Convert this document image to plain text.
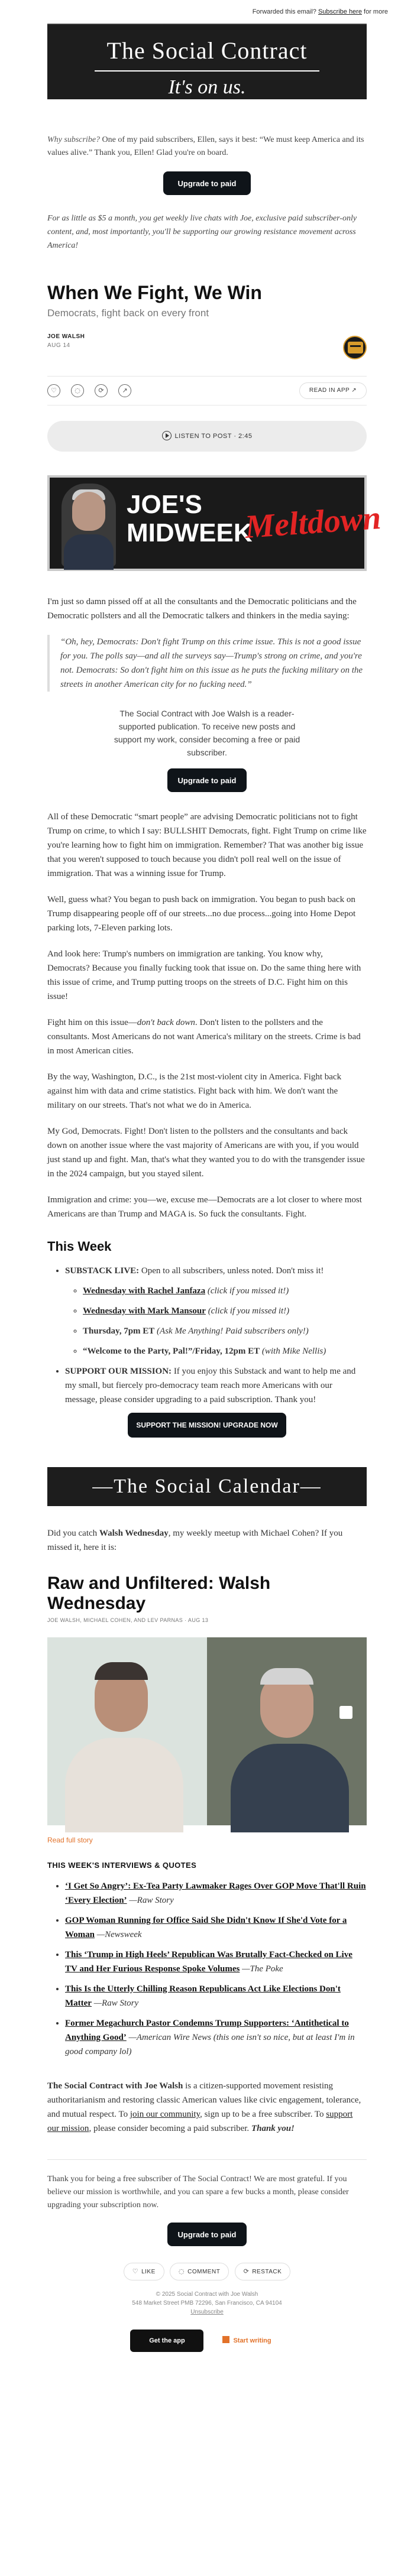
Forwarded this email? Subscribe here for more
The Social Contract
It's on us.
Why subscribe? One of my paid subscribers, Ellen, says it best: “We must keep America and its values alive.” Thank you, Ellen! Glad you're on board.
Upgrade to paid
For as little as $5 a month, you get weekly live chats with Joe, exclusive paid subscriber-only content, and, most importantly, you'll be supporting our growing resistance movement across America!
When We Fight, We Win
Democrats, fight back on every front
JOE WALSH
AUG 14
♡	◌	⟳	↗	READ IN APP ↗
LISTEN TO POST · 2:45
JOE'S
MIDWEEK
Meltdown

I'm just so damn pissed off at all the consultants and the Democratic politicians and the Democratic pollsters and all the Democratic talkers and thinkers in the media saying:

“Oh, hey, Democrats: Don't fight Trump on this crime issue. This is not a good issue for you. The polls say—and all the surveys say—Trump's strong on crime, and you're not. Democrats: So don't fight him on this issue as he puts the fucking military on the streets in another American city for no fucking need.”

The Social Contract with Joe Walsh is a reader-supported publication. To receive new posts and support my work, consider becoming a free or paid subscriber.

Upgrade to paid

All of these Democratic “smart people” are advising Democratic politicians not to fight Trump on crime, to which I say: BULLSHIT Democrats, fight. Fight Trump on crime like you're learning how to fight him on immigration. Remember? That was another big issue that you weren't supposed to touch because you didn't poll real well on the issue of immigration. That was a winning issue for Trump.

Well, guess what? You began to push back on immigration. You began to push back on Trump disappearing people off of our streets...no due process...going into Home Depot parking lots, 7-Eleven parking lots.

And look here: Trump's numbers on immigration are tanking. You know why, Democrats? Because you finally fucking took that issue on. Do the same thing here with this issue of crime, and Trump putting troops on the streets of D.C. Fight him on this issue!

Fight him on this issue—don't back down. Don't listen to the pollsters and the consultants. Most Americans do not want America's military on the streets. Crime is bad in most American cities.

By the way, Washington, D.C., is the 21st most-violent city in America. Fight back against him with data and crime statistics. Fight back with him. We don't want the military on our streets. That's not what we do in America.

My God, Democrats. Fight! Don't listen to the pollsters and the consultants and back down on another issue where the vast majority of Americans are with you, if you would just stand up and fight. Man, that's what they wanted you to do with the transgender issue in the 2024 campaign, but you stayed silent.

Immigration and crime: you—we, excuse me—Democrats are a lot closer to where most Americans are than Trump and MAGA is. So fuck the consultants. Fight.

This Week
• SUBSTACK LIVE: Open to all subscribers, unless noted. Don't miss it!
◦ Wednesday with Rachel Janfaza (click if you missed it!)
◦ Wednesday with Mark Mansour (click if you missed it!)
◦ Thursday, 7pm ET (Ask Me Anything! Paid subscribers only!)
◦ “Welcome to the Party, Pal!”/Friday, 12pm ET (with Mike Nellis)
• SUPPORT OUR MISSION: If you enjoy this Substack and want to help me and my small, but fiercely pro-democracy team reach more Americans with our message, please consider upgrading to a paid subscription. Thank you!
SUPPORT THE MISSION! UPGRADE NOW
—The Social Calendar—
Did you catch Walsh Wednesday, my weekly meetup with Michael Cohen? If you missed it, here it is:
Raw and Unfiltered: Walsh Wednesday
JOE WALSH, MICHAEL COHEN, AND LEV PARNAS · AUG 13
Read full story
THIS WEEK'S INTERVIEWS & QUOTES
• ‘I Get So Angry’: Ex-Tea Party Lawmaker Rages Over GOP Move That'll Ruin ‘Every Election’ —Raw Story
• GOP Woman Running for Office Said She Didn't Know If She'd Vote for a Woman —Newsweek
• This ‘Trump in High Heels’ Republican Was Brutally Fact-Checked on Live TV and Her Furious Response Spoke Volumes —The Poke
• This Is the Utterly Chilling Reason Republicans Act Like Elections Don't Matter —Raw Story
• Former Megachurch Pastor Condemns Trump Supporters: ‘Antithetical to Anything Good’ —American Wire News (this one isn't so nice, but at least I'm in good company lol)

The Social Contract with Joe Walsh is a citizen-supported movement resisting authoritarianism and restoring classic American values like civic engagement, tolerance, and mutual respect. To join our community, sign up to be a free subscriber. To support our mission, please consider becoming a paid subscriber. Thank you!

Thank you for being a free subscriber of The Social Contract! We are most grateful. If you believe our mission is worthwhile, and you can spare a few bucks a month, please consider upgrading your subscription now.
Upgrade to paid
♡ LIKE	◌ COMMENT	⟳ RESTACK
© 2025 Social Contract with Joe Walsh
548 Market Street PMB 72296, San Francisco, CA 94104
Unsubscribe
Get the app	Start writing
